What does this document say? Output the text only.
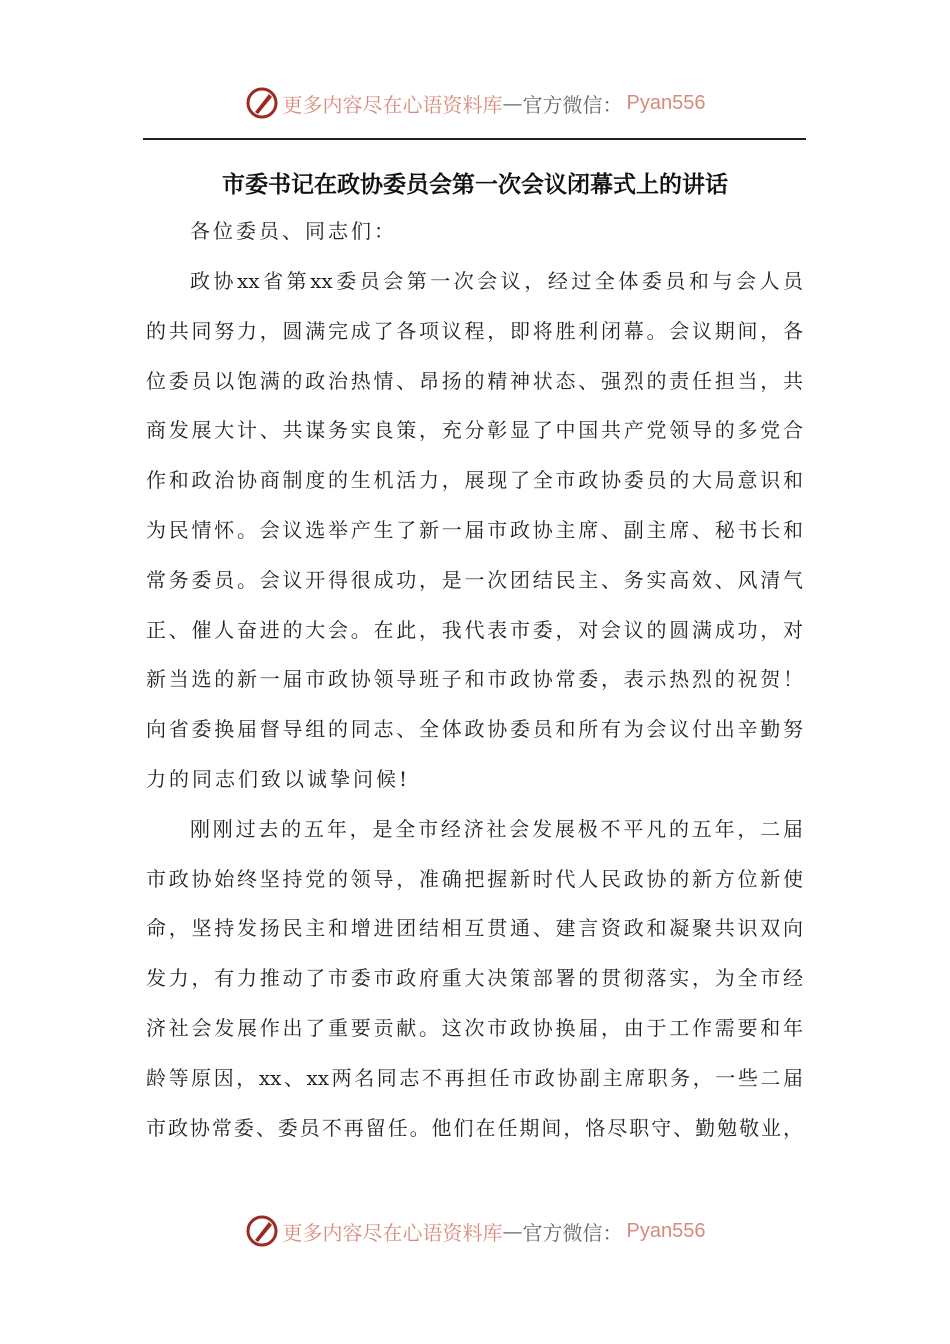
更多内容尽在心语资料库 — 官方微信： Pyan556
市委书记在政协委员会第一次会议闭幕式上的讲话
各位委员、同志们：
政协xx省第xx委员会第一次会议，经过全体委员和与会人员
的共同努力，圆满完成了各项议程，即将胜利闭幕。会议期间，各
位委员以饱满的政治热情、昂扬的精神状态、强烈的责任担当，共
商发展大计、共谋务实良策，充分彰显了中国共产党领导的多党合
作和政治协商制度的生机活力，展现了全市政协委员的大局意识和
为民情怀。会议选举产生了新一届市政协主席、副主席、秘书长和
常务委员。会议开得很成功，是一次团结民主、务实高效、风清气
正、催人奋进的大会。在此，我代表市委，对会议的圆满成功，对
新当选的新一届市政协领导班子和市政协常委，表示热烈的祝贺！
向省委换届督导组的同志、全体政协委员和所有为会议付出辛勤努
力的同志们致以诚挚问候!
刚刚过去的五年，是全市经济社会发展极不平凡的五年，二届
市政协始终坚持党的领导，准确把握新时代人民政协的新方位新使
命，坚持发扬民主和增进团结相互贯通、建言资政和凝聚共识双向
发力，有力推动了市委市政府重大决策部署的贯彻落实，为全市经
济社会发展作出了重要贡献。这次市政协换届，由于工作需要和年
龄等原因，xx、xx两名同志不再担任市政协副主席职务，一些二届
市政协常委、委员不再留任。他们在任期间，恪尽职守、勤勉敬业，
更多内容尽在心语资料库 — 官方微信： Pyan556
